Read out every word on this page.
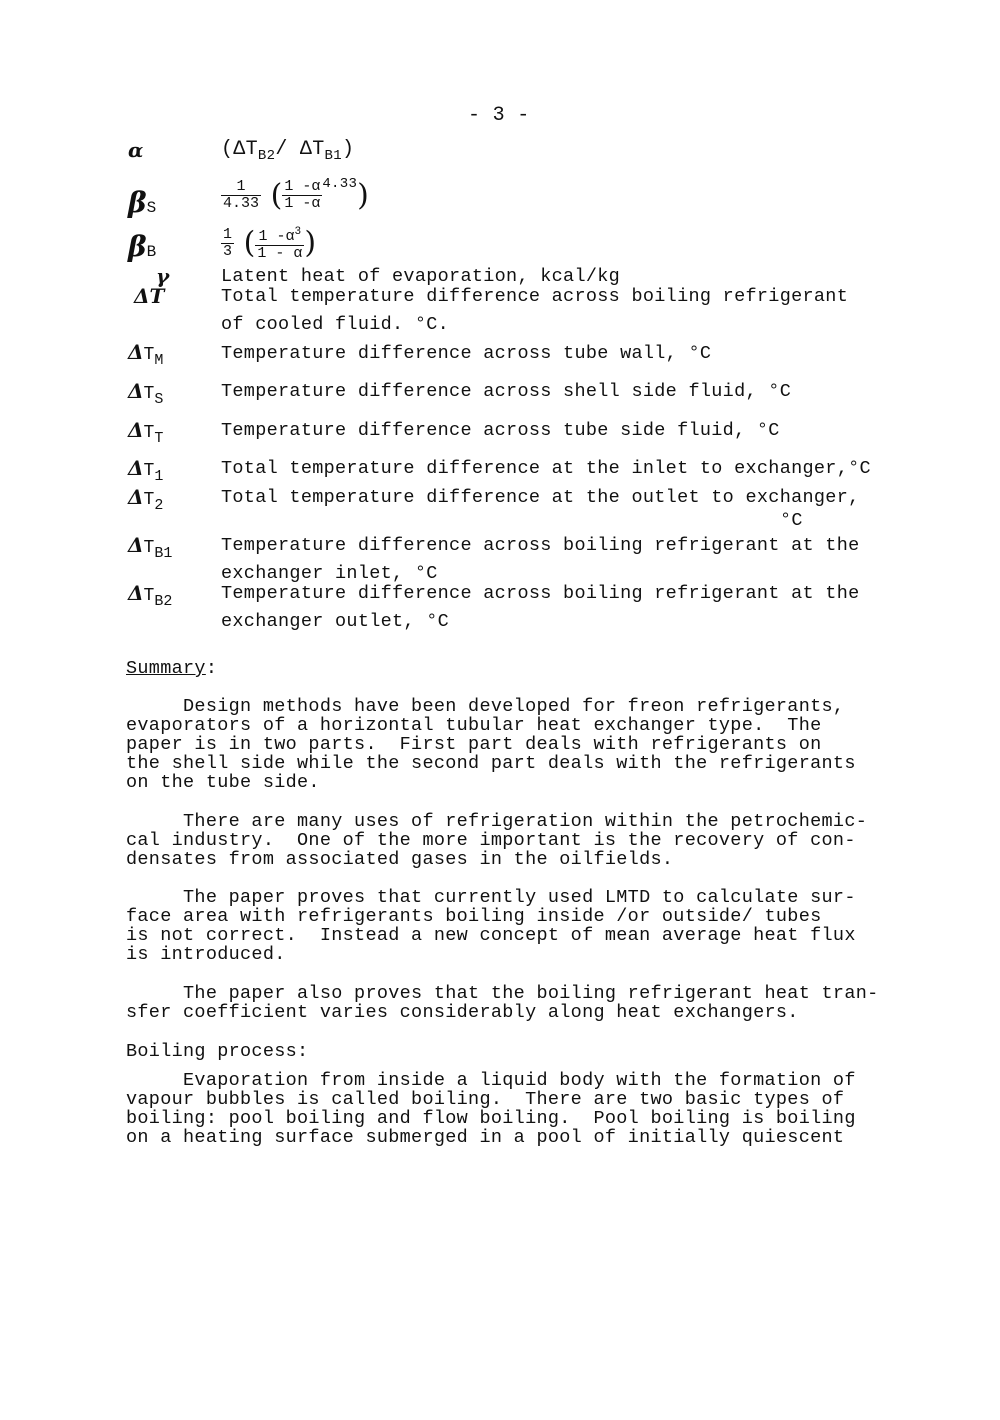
- 3 -
α	($\Delta T_{B2}/$ $\Delta T_{B1}$)
βS	$\frac{1}{4.33}$ ( $\frac{1 -\alpha}{1 -\alpha} ^{4.33}$)
βB	$\frac{1}{3}$ ( $\frac{1 -\alpha^3}{1 - \alpha}$ )
γ	Latent heat of evaporation, kcal/kg
ΔT	Total temperature difference across boiling refrigerant
of cooled fluid. °C.
$\Delta T_M$	Temperature difference across tube wall, °C
$\Delta T_S$	Temperature difference across shell side fluid, °C
$\Delta T_T$	Temperature difference across tube side fluid, °C
$\Delta T_1$	Total temperature difference at the inlet to exchanger,°C
$\Delta T_2$	Total temperature difference at the outlet to exchanger,
°C
$\Delta T_{B1}$	Temperature difference across boiling refrigerant at the
exchanger inlet, °C
$\Delta T_{B2}$	Temperature difference across boiling refrigerant at the
exchanger outlet, °C
Summary:
Design methods have been developed for freon refrigerants,
evaporators of a horizontal tubular heat exchanger type.  The
paper is in two parts.  First part deals with refrigerants on
the shell side while the second part deals with the refrigerants
on the tube side.
There are many uses of refrigeration within the petrochemic-
cal industry.  One of the more important is the recovery of con-
densates from associated gases in the oilfields.
The paper proves that currently used LMTD to calculate sur-
face area with refrigerants boiling inside /or outside/ tubes
is not correct.  Instead a new concept of mean average heat flux
is introduced.
The paper also proves that the boiling refrigerant heat tran-
sfer coefficient varies considerably along heat exchangers.
Boiling process:
Evaporation from inside a liquid body with the formation of
vapour bubbles is called boiling.  There are two basic types of
boiling: pool boiling and flow boiling.  Pool boiling is boiling
on a heating surface submerged in a pool of initially quiescent
